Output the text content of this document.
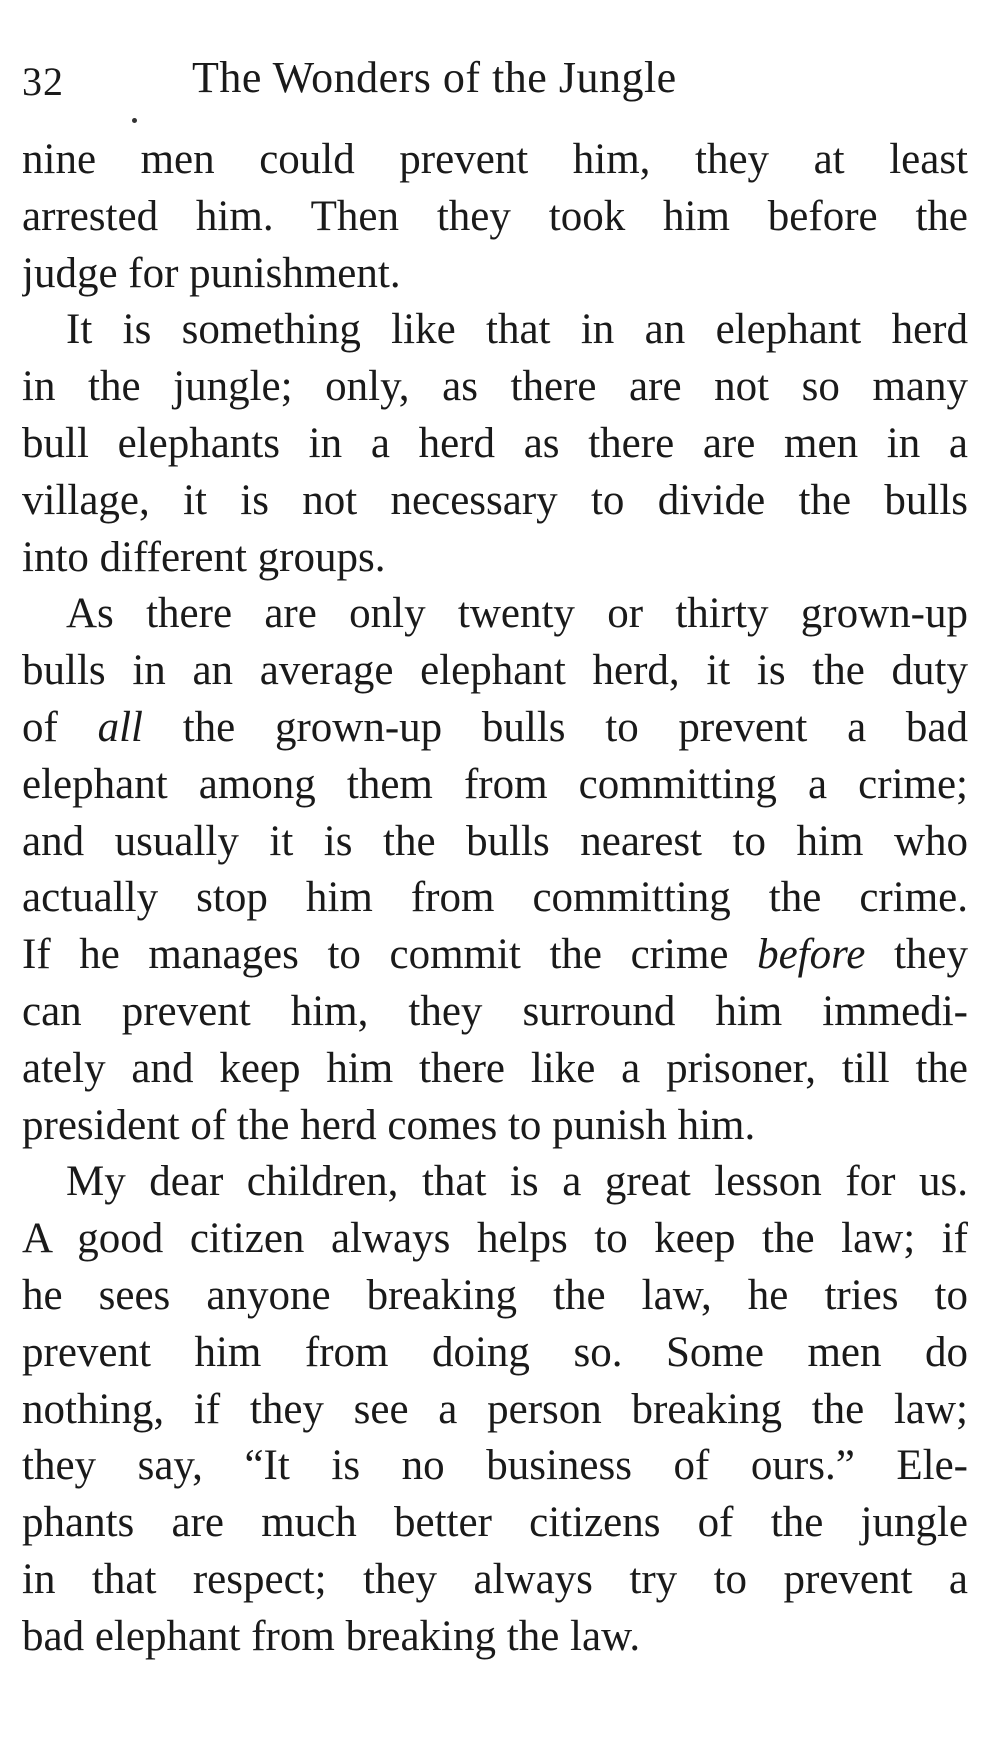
32	The Wonders of the Jungle

nine men could prevent him, they at least
arrested him. Then they took him before the
judge for punishment.

It is something like that in an elephant herd
in the jungle; only, as there are not so many
bull elephants in a herd as there are men in a
village, it is not necessary to divide the bulls
into different groups.

As there are only twenty or thirty grown-up
bulls in an average elephant herd, it is the duty
of all the grown-up bulls to prevent a bad
elephant among them from committing a crime;
and usually it is the bulls nearest to him who
actually stop him from committing the crime.
If he manages to commit the crime before they
can prevent him, they surround him immedi-
ately and keep him there like a prisoner, till the
president of the herd comes to punish him.

My dear children, that is a great lesson for us.
A good citizen always helps to keep the law; if
he sees anyone breaking the law, he tries to
prevent him from doing so. Some men do
nothing, if they see a person breaking the law;
they say, “It is no business of ours.” Ele-
phants are much better citizens of the jungle
in that respect; they always try to prevent a
bad elephant from breaking the law.
